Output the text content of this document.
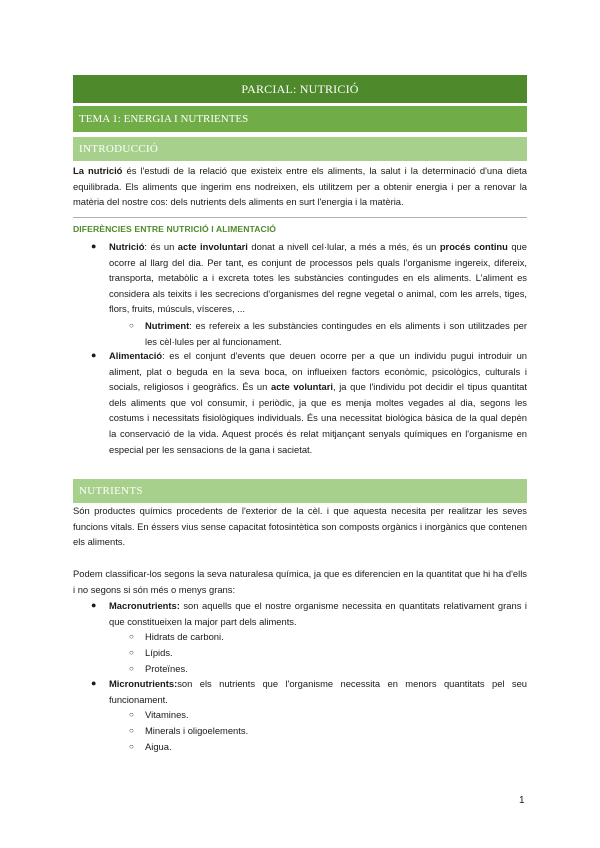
PARCIAL: NUTRICIÓ
TEMA 1: ENERGIA I NUTRIENTES
INTRODUCCIÓ
La nutrició és l'estudi de la relació que existeix entre els aliments, la salut i la determinació d'una dieta equilibrada. Els aliments que ingerim ens nodreixen, els utilitzem per a obtenir energia i per a renovar la matèria del nostre cos: dels nutrients dels aliments en surt l'energia i la matèria.
DIFERÈNCIES ENTRE NUTRICIÓ I ALIMENTACIÓ
● Nutrició: és un acte involuntari donat a nivell cel·lular, a més a més, és un procés continu que ocorre al llarg del dia. Per tant, es conjunt de processos pels quals l'organisme ingereix, difereix, transporta, metabòlic a i excreta totes les substàncies contingudes en els aliments. L'aliment es considera als teixits i les secrecions d'organismes del regne vegetal o animal, com les arrels, tiges, flors, fruits, músculs, vísceres, ...
○ Nutriment: es refereix a les substàncies contingudes en els aliments i son utilitzades per les cèl·lules per al funcionament.
● Alimentació: es el conjunt d'events que deuen ocorre per a que un individu pugui introduir un aliment, plat o beguda en la seva boca, on influeixen factors econòmic, psicològics, culturals i socials, religiosos i geogràfics. És un acte voluntari, ja que l'individu pot decidir el tipus quantitat dels aliments que vol consumir, i periòdic, ja que es menja moltes vegades al dia, segons les costums i necessitats fisiològiques individuals. És una necessitat biològica bàsica de la qual depèn la conservació de la vida. Aquest procés és relat mitjançant senyals químiques en l'organisme en especial per les sensacions de la gana i sacietat.
NUTRIENTS
Són productes químics procedents de l'exterior de la cèl. i que aquesta necesita per realitzar les seves funcions vitals. En éssers vius sense capacitat fotosintètica son composts orgànics i inorgànics que contenen els aliments.
Podem classificar-los segons la seva naturalesa química, ja que es diferencien en la quantitat que hi ha d'ells i no segons si són més o menys grans:
● Macronutrients: son aquells que el nostre organisme necessita en quantitats relativament grans i que constitueixen la major part dels aliments.
○ Hidrats de carboni.
○ Lípids.
○ Proteïnes.
● Micronutrients:son els nutrients que l'organisme necessita en menors quantitats pel seu funcionament.
○ Vitamines.
○ Minerals i oligoelements.
○ Aigua.
1
